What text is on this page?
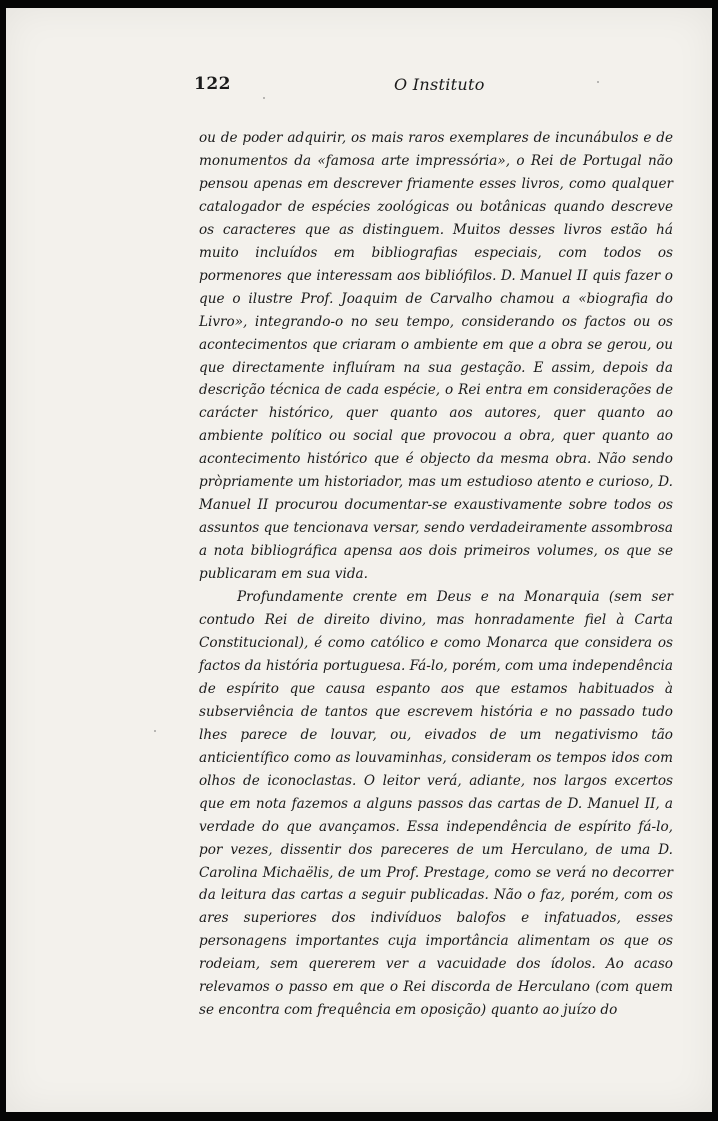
122	O Instituto

ou de poder adquirir, os mais raros exemplares de incunábulos e de monumentos da «famosa arte impressória», o Rei de Portugal não pensou apenas em descrever friamente esses livros, como qualquer catalogador de espécies zoológicas ou botânicas quando descreve os caracteres que as distinguem. Muitos desses livros estão há muito incluídos em bibliografias especiais, com todos os pormenores que interessam aos bibliófilos. D. Manuel II quis fazer o que o ilustre Prof. Joaquim de Carvalho chamou a «biografia do Livro», integrando-o no seu tempo, considerando os factos ou os acontecimentos que criaram o ambiente em que a obra se gerou, ou que directamente influíram na sua gestação. E assim, depois da descrição técnica de cada espécie, o Rei entra em considerações de carácter histórico, quer quanto aos autores, quer quanto ao ambiente político ou social que provocou a obra, quer quanto ao acontecimento histórico que é objecto da mesma obra. Não sendo pròpriamente um historiador, mas um estudioso atento e curioso, D. Manuel II procurou documentar-se exaustivamente sobre todos os assuntos que tencionava versar, sendo verdadeiramente assombrosa a nota bibliográfica apensa aos dois primeiros volumes, os que se publicaram em sua vida.

Profundamente crente em Deus e na Monarquia (sem ser contudo Rei de direito divino, mas honradamente fiel à Carta Constitucional), é como católico e como Monarca que considera os factos da história portuguesa. Fá-lo, porém, com uma independência de espírito que causa espanto aos que estamos habituados à subserviência de tantos que escrevem história e no passado tudo lhes parece de louvar, ou, eivados de um negativismo tão anticientífico como as louvaminhas, consideram os tempos idos com olhos de iconoclastas. O leitor verá, adiante, nos largos excertos que em nota fazemos a alguns passos das cartas de D. Manuel II, a verdade do que avançamos. Essa independência de espírito fá-lo, por vezes, dissentir dos pareceres de um Herculano, de uma D. Carolina Michaëlis, de um Prof. Prestage, como se verá no decorrer da leitura das cartas a seguir publicadas. Não o faz, porém, com os ares superiores dos indivíduos balofos e infatuados, esses personagens importantes cuja importância alimentam os que os rodeiam, sem quererem ver a vacuidade dos ídolos. Ao acaso relevamos o passo em que o Rei discorda de Herculano (com quem se encontra com frequência em oposição) quanto ao juízo do
